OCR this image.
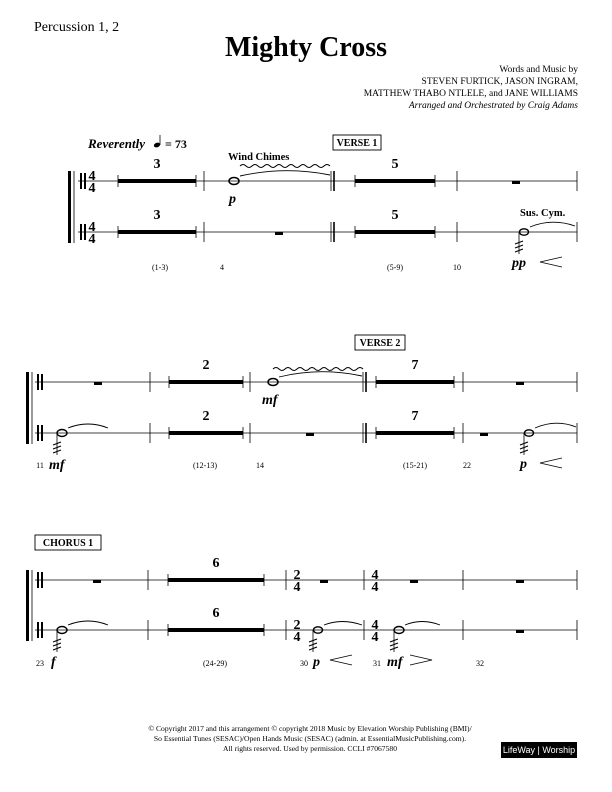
Percussion 1, 2
Mighty Cross
Words and Music by
STEVEN FURTICK, JASON INGRAM,
MATTHEW THABO NTLELE, and JANE WILLIAMS
Arranged and Orchestrated by Craig Adams
Reverently = 73	VERSE 1
VERSE 2
CHORUS 1
Wind Chimes
Sus. Cym.
4
4
4
4
2
4
2
4
4
4
4
4
3
3
5
5
2
2
7
7
6
6
(1-3)	4	(5-9)	10
11	(12-13)	14	(15-21)	22
23	(24-29)	30	31	32
p
pp
mf
mf
p
f	p	mf
© Copyright 2017 and this arrangement © copyright 2018 Music by Elevation Worship Publishing (BMI)/
So Essential Tunes (SESAC)/Open Hands Music (SESAC) (admin. at EssentialMusicPublishing.com).
All rights reserved. Used by permission. CCLI #7067580	LifeWay | Worship
